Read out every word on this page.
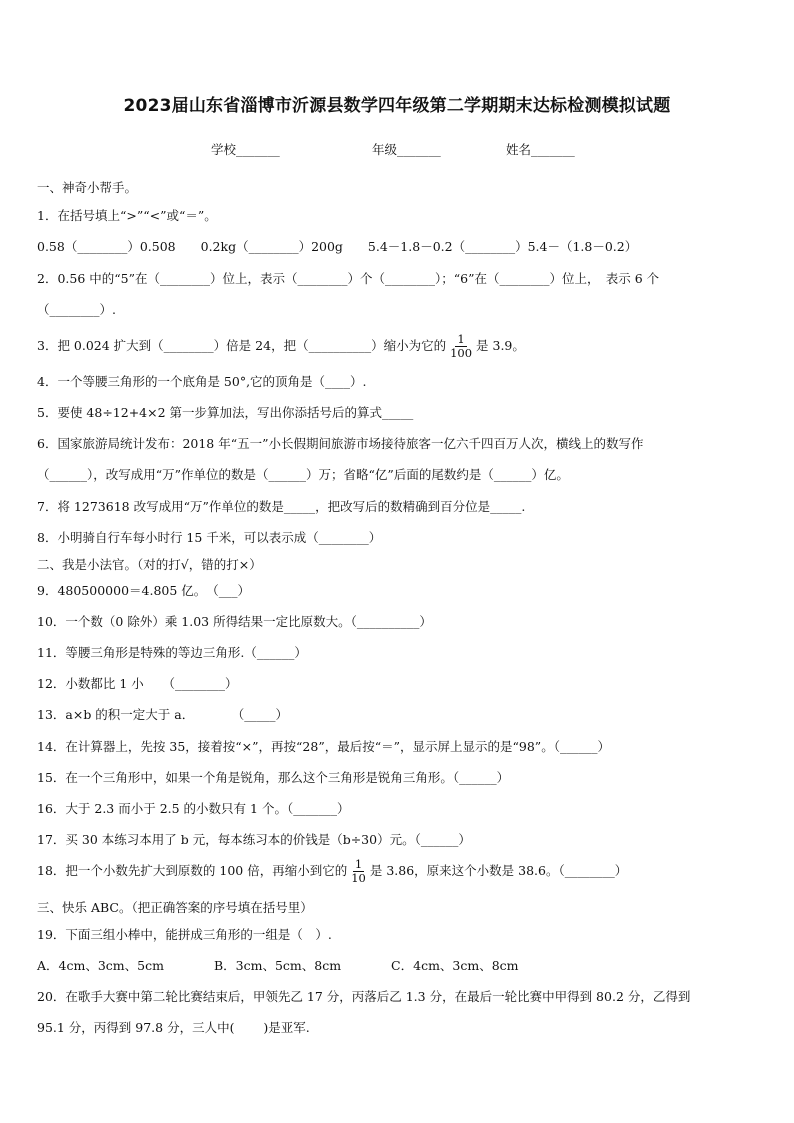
2023届山东省淄博市沂源县数学四年级第二学期期末达标检测模拟试题
学校_______	年级_______	姓名_______
一、神奇小帮手。
1．在括号填上“>”“<”或“＝”。
0.58（________）0.508　　0.2kg（________）200g　　5.4－1.8－0.2（________）5.4－（1.8－0.2）
2．0.56 中的“5”在（________）位上，表示（________）个（________）；“6”在（________）位上，　表示 6 个
（________）.
3．把 0.024 扩大到（________）倍是 24，把（__________）缩小为它的 $\frac{1}{100}$ 是 3.9。
4．一个等腰三角形的一个底角是 50°,它的顶角是（____）.
5．要使 48÷12+4×2 第一步算加法，写出你添括号后的算式_____
6．国家旅游局统计发布：2018 年“五一”小长假期间旅游市场接待旅客一亿六千四百万人次，横线上的数写作
（______），改写成用“万”作单位的数是（______）万；省略“亿”后面的尾数约是（______）亿。
7．将 1273618 改写成用“万”作单位的数是_____，把改写后的数精确到百分位是_____.
8．小明骑自行车每小时行 15 千米，可以表示成（________）
二、我是小法官。（对的打√，错的打×）
9．480500000＝4.805 亿。　（___）
10．一个数（0 除外）乘 1.03 所得结果一定比原数大。（__________）
11．等腰三角形是特殊的等边三角形.（______）
12．小数都比 1 小　　（________）
13．a×b 的积一定大于 a．　　　　（_____）
14．在计算器上，先按 35，接着按“×”，再按“28”，最后按“＝”，显示屏上显示的是“98”。（______）
15．在一个三角形中，如果一个角是锐角，那么这个三角形是锐角三角形。（______）
16．大于 2.3 而小于 2.5 的小数只有 1 个。（_______）
17．买 30 本练习本用了 b 元，每本练习本的价钱是（b÷30）元。（______）
18．把一个小数先扩大到原数的 100 倍，再缩小到它的 $\frac{1}{10}$ 是 3.86，原来这个小数是 38.6。（________）
三、快乐 ABC。（把正确答案的序号填在括号里）
19．下面三组小棒中，能拼成三角形的一组是（　）.
A．4cm、3cm、5cm　　　　B．3cm、5cm、8cm　　　　C．4cm、3cm、8cm
20．在歌手大赛中第二轮比赛结束后，甲领先乙 17 分，丙落后乙 1.3 分，在最后一轮比赛中甲得到 80.2 分，乙得到
95.1 分，丙得到 97.8 分，三人中(　　 )是亚军.
